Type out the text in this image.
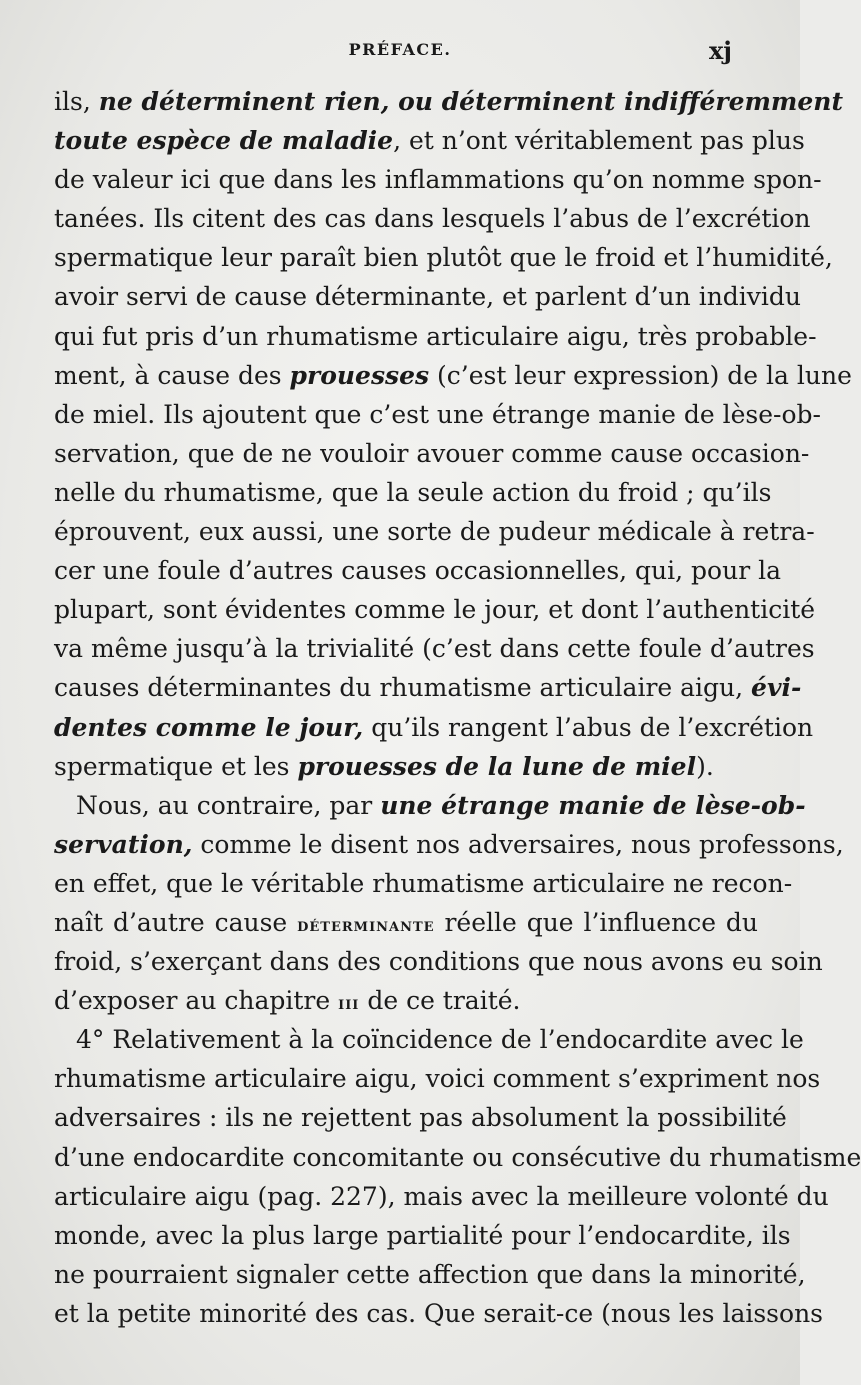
PRÉFACE.	xj
ils, ne déterminent rien, ou déterminent indifféremment
toute espèce de maladie, et n’ont véritablement pas plus
de valeur ici que dans les inflammations qu’on nomme spon-
tanées. Ils citent des cas dans lesquels l’abus de l’excrétion
spermatique leur paraît bien plutôt que le froid et l’humidité,
avoir servi de cause déterminante, et parlent d’un individu
qui fut pris d’un rhumatisme articulaire aigu, très probable-
ment, à cause des prouesses (c’est leur expression) de la lune
de miel. Ils ajoutent que c’est une étrange manie de lèse-ob-
servation, que de ne vouloir avouer comme cause occasion-
nelle du rhumatisme, que la seule action du froid ; qu’ils
éprouvent, eux aussi, une sorte de pudeur médicale à retra-
cer une foule d’autres causes occasionnelles, qui, pour la
plupart, sont évidentes comme le jour, et dont l’authenticité
va même jusqu’à la trivialité (c’est dans cette foule d’autres
causes déterminantes du rhumatisme articulaire aigu, évi-
dentes comme le jour, qu’ils rangent l’abus de l’excrétion
spermatique et les prouesses de la lune de miel).
Nous, au contraire, par une étrange manie de lèse-ob-
servation, comme le disent nos adversaires, nous professons,
en effet, que le véritable rhumatisme articulaire ne recon-
naît d’autre cause déterminante réelle que l’influence du
froid, s’exerçant dans des conditions que nous avons eu soin
d’exposer au chapitre iii de ce traité.
4° Relativement à la coïncidence de l’endocardite avec le
rhumatisme articulaire aigu, voici comment s’expriment nos
adversaires : ils ne rejettent pas absolument la possibilité
d’une endocardite concomitante ou consécutive du rhumatisme
articulaire aigu (pag. 227), mais avec la meilleure volonté du
monde, avec la plus large partialité pour l’endocardite, ils
ne pourraient signaler cette affection que dans la minorité,
et la petite minorité des cas. Que serait-ce (nous les laissons
